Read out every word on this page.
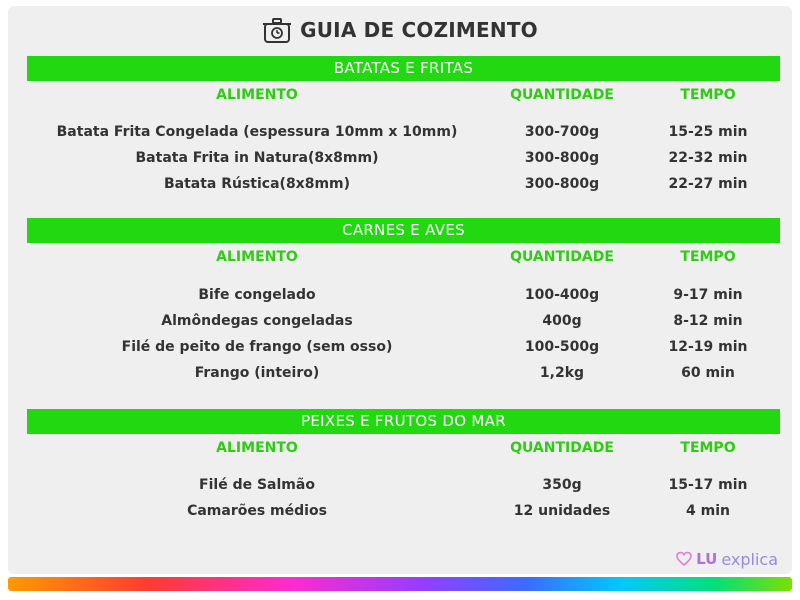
GUIA DE COZIMENTO
BATATAS E FRITAS
ALIMENTO	QUANTIDADE	TEMPO
Batata Frita Congelada (espessura 10mm x 10mm)	300-700g	15-25 min
Batata Frita in Natura(8x8mm)	300-800g	22-32 min
Batata Rústica(8x8mm)	300-800g	22-27 min
CARNES E AVES
ALIMENTO	QUANTIDADE	TEMPO
Bife congelado	100-400g	9-17 min
Almôndegas congeladas	400g	8-12 min
Filé de peito de frango (sem osso)	100-500g	12-19 min
Frango (inteiro)	1,2kg	60 min
PEIXES E FRUTOS DO MAR
ALIMENTO	QUANTIDADE	TEMPO
Filé de Salmão	350g	15-17 min
Camarões médios	12 unidades	4 min
LU explica
